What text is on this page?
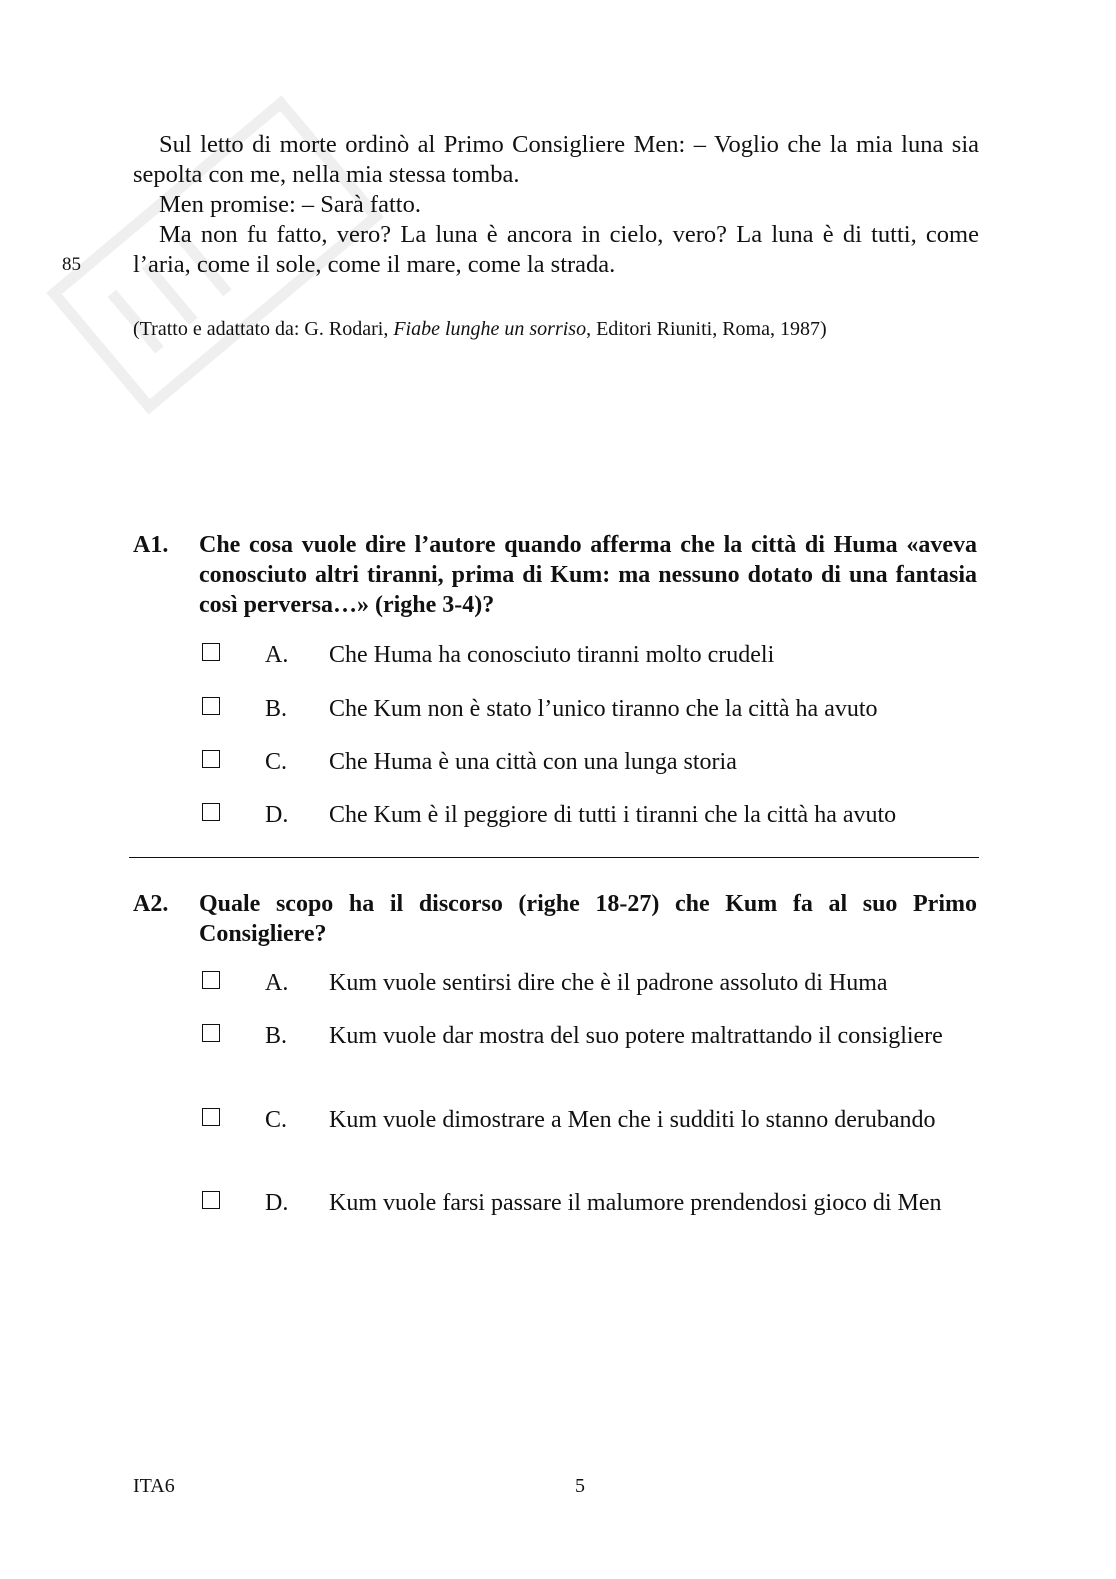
Sul letto di morte ordinò al Primo Consigliere Men: – Voglio che la mia luna sia sepolta con me, nella mia stessa tomba.

Men promise: – Sarà fatto.

Ma non fu fatto, vero? La luna è ancora in cielo, vero? La luna è di tutti, come l’aria, come il sole, come il mare, come la strada.

85
(Tratto e adattato da: G. Rodari, Fiabe lunghe un sorriso, Editori Riuniti, Roma, 1987)
A1. Che cosa vuole dire l’autore quando afferma che la città di Huma «aveva conosciuto altri tiranni, prima di Kum: ma nessuno dotato di una fantasia così perversa…» (righe 3-4)?
A. Che Huma ha conosciuto tiranni molto crudeli
B. Che Kum non è stato l’unico tiranno che la città ha avuto
C. Che Huma è una città con una lunga storia
D. Che Kum è il peggiore di tutti i tiranni che la città ha avuto
A2. Quale scopo ha il discorso (righe 18-27) che Kum fa al suo Primo Consigliere?
A. Kum vuole sentirsi dire che è il padrone assoluto di Huma
B. Kum vuole dar mostra del suo potere maltrattando il consigliere
C. Kum vuole dimostrare a Men che i sudditi lo stanno derubando
D. Kum vuole farsi passare il malumore prendendosi gioco di Men
ITA6	5
